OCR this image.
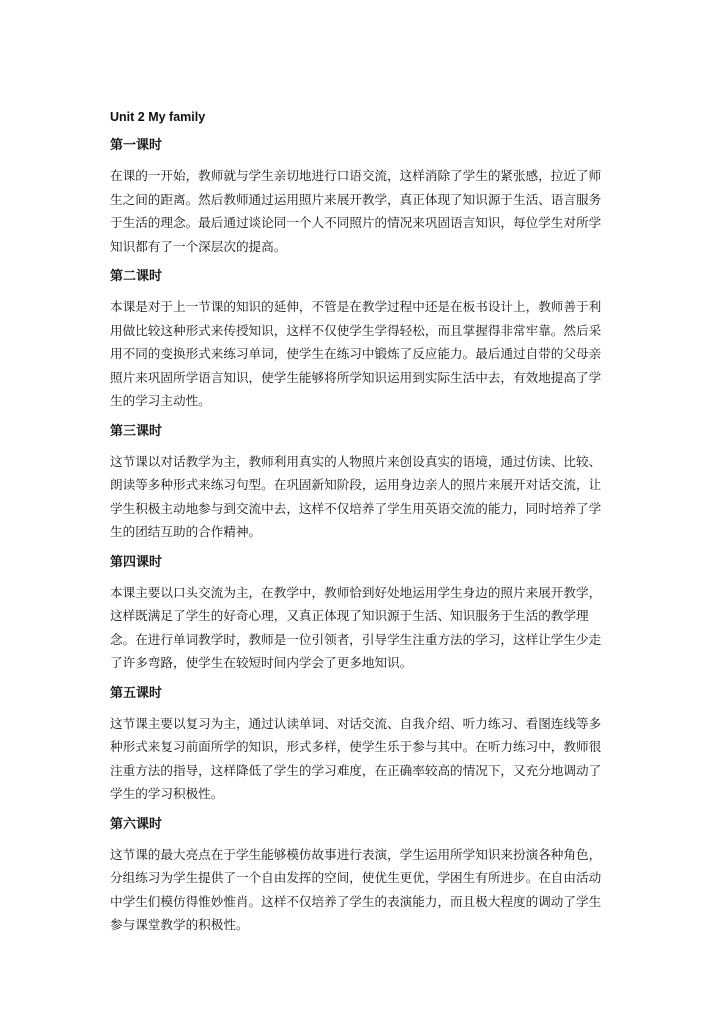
Unit 2 My family
第一课时

在课的一开始，教师就与学生亲切地进行口语交流，这样消除了学生的紧张感，拉近了师生之间的距离。然后教师通过运用照片来展开教学，真正体现了知识源于生活、语言服务于生活的理念。最后通过谈论同一个人不同照片的情况来巩固语言知识，每位学生对所学知识都有了一个深层次的提高。

第二课时

本课是对于上一节课的知识的延伸，不管是在教学过程中还是在板书设计上，教师善于利用做比较这种形式来传授知识，这样不仅使学生学得轻松，而且掌握得非常牢靠。然后采用不同的变换形式来练习单词，使学生在练习中锻炼了反应能力。最后通过自带的父母亲照片来巩固所学语言知识，使学生能够将所学知识运用到实际生活中去，有效地提高了学生的学习主动性。

第三课时

这节课以对话教学为主，教师利用真实的人物照片来创设真实的语境，通过仿读、比较、朗读等多种形式来练习句型。在巩固新知阶段，运用身边亲人的照片来展开对话交流，让学生积极主动地参与到交流中去，这样不仅培养了学生用英语交流的能力，同时培养了学生的团结互助的合作精神。

第四课时

本课主要以口头交流为主，在教学中，教师恰到好处地运用学生身边的照片来展开教学，这样既满足了学生的好奇心理，又真正体现了知识源于生活、知识服务于生活的教学理念。在进行单词教学时，教师是一位引领者，引导学生注重方法的学习，这样让学生少走了许多弯路，使学生在较短时间内学会了更多地知识。

第五课时

这节课主要以复习为主，通过认读单词、对话交流、自我介绍、听力练习、看图连线等多种形式来复习前面所学的知识，形式多样，使学生乐于参与其中。在听力练习中，教师很注重方法的指导，这样降低了学生的学习难度，在正确率较高的情况下，又充分地调动了学生的学习积极性。

第六课时

这节课的最大亮点在于学生能够模仿故事进行表演，学生运用所学知识来扮演各种角色，分组练习为学生提供了一个自由发挥的空间，使优生更优，学困生有所进步。在自由活动中学生们模仿得惟妙惟肖。这样不仅培养了学生的表演能力，而且极大程度的调动了学生参与课堂教学的积极性。
